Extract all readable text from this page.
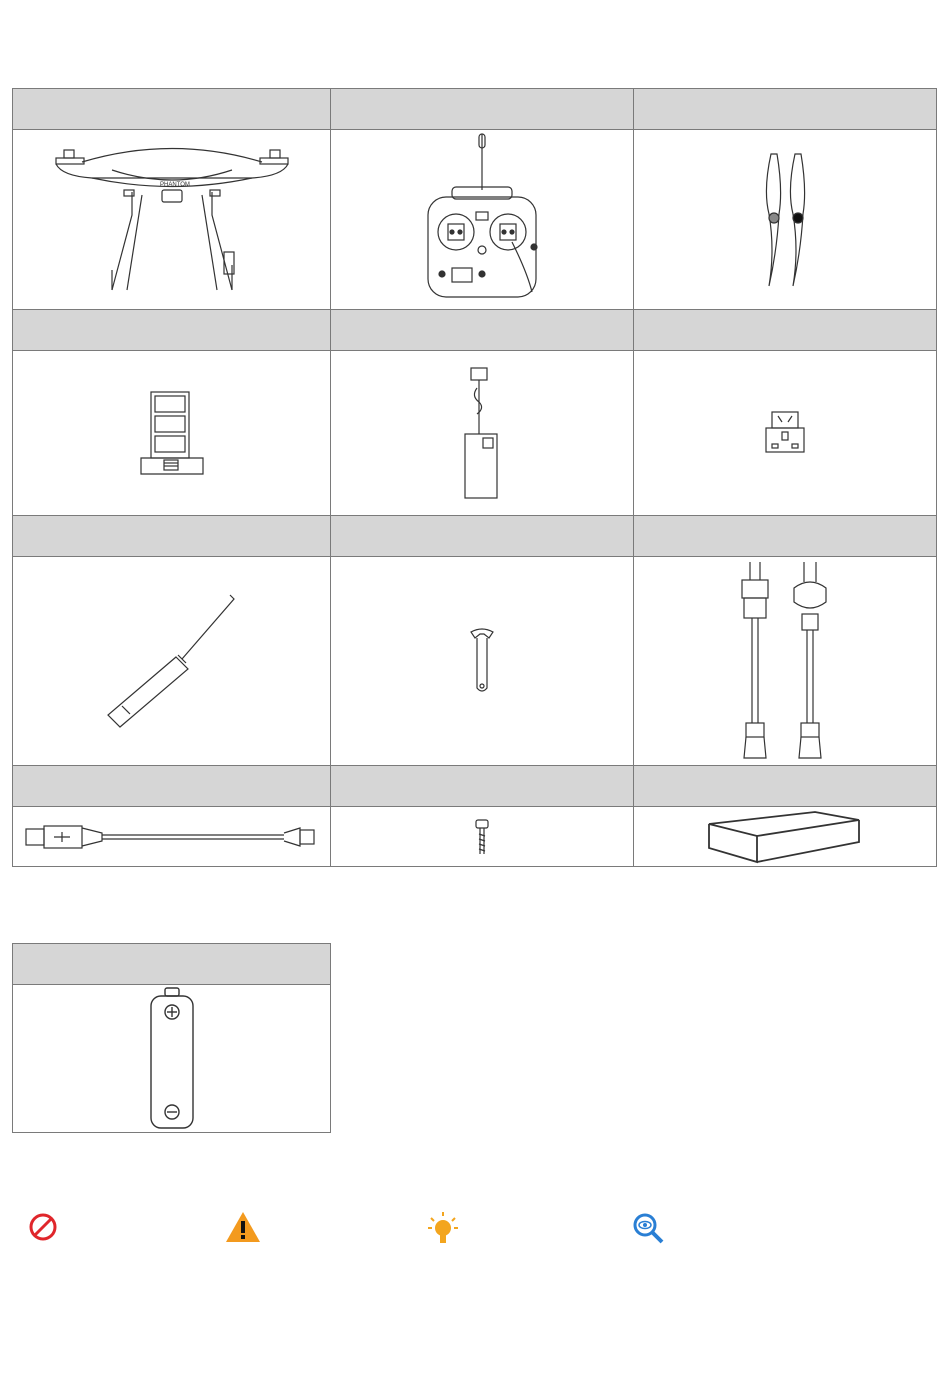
PHANTOM
